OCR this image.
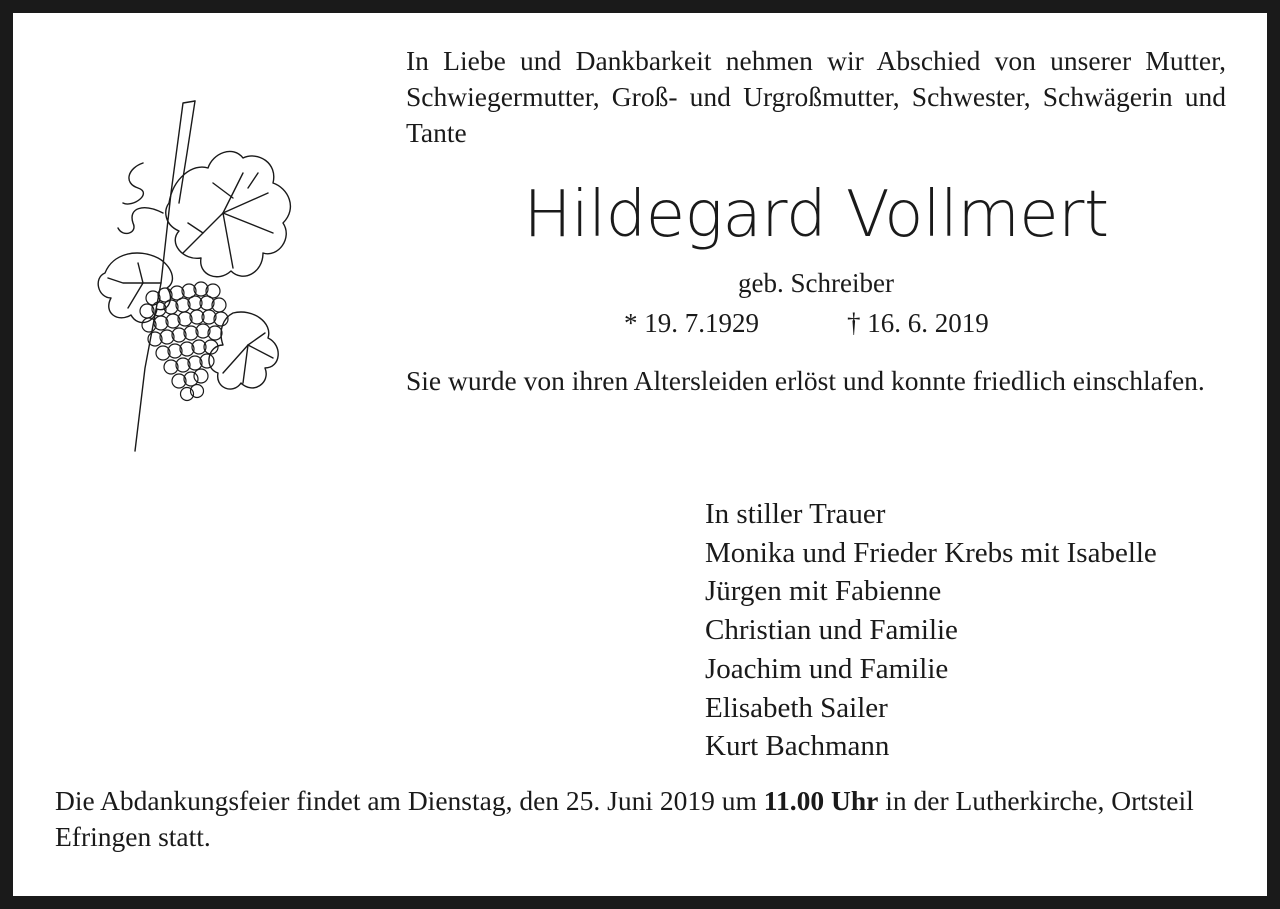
In Liebe und Dankbarkeit nehmen wir Abschied von unserer Mutter, Schwiegermutter, Groß- und Urgroßmutter, Schwester, Schwägerin und Tante
Hildegard Vollmert
geb. Schreiber
* 19. 7.1929	† 16. 6. 2019
Sie wurde von ihren Altersleiden erlöst und konnte friedlich einschlafen.
In stiller Trauer
Monika und Frieder Krebs mit Isabelle
Jürgen mit Fabienne
Christian und Familie
Joachim und Familie
Elisabeth Sailer
Kurt Bachmann
Die Abdankungsfeier findet am Dienstag, den 25. Juni 2019 um 11.00 Uhr in der Lutherkirche, Ortsteil Efringen statt.
